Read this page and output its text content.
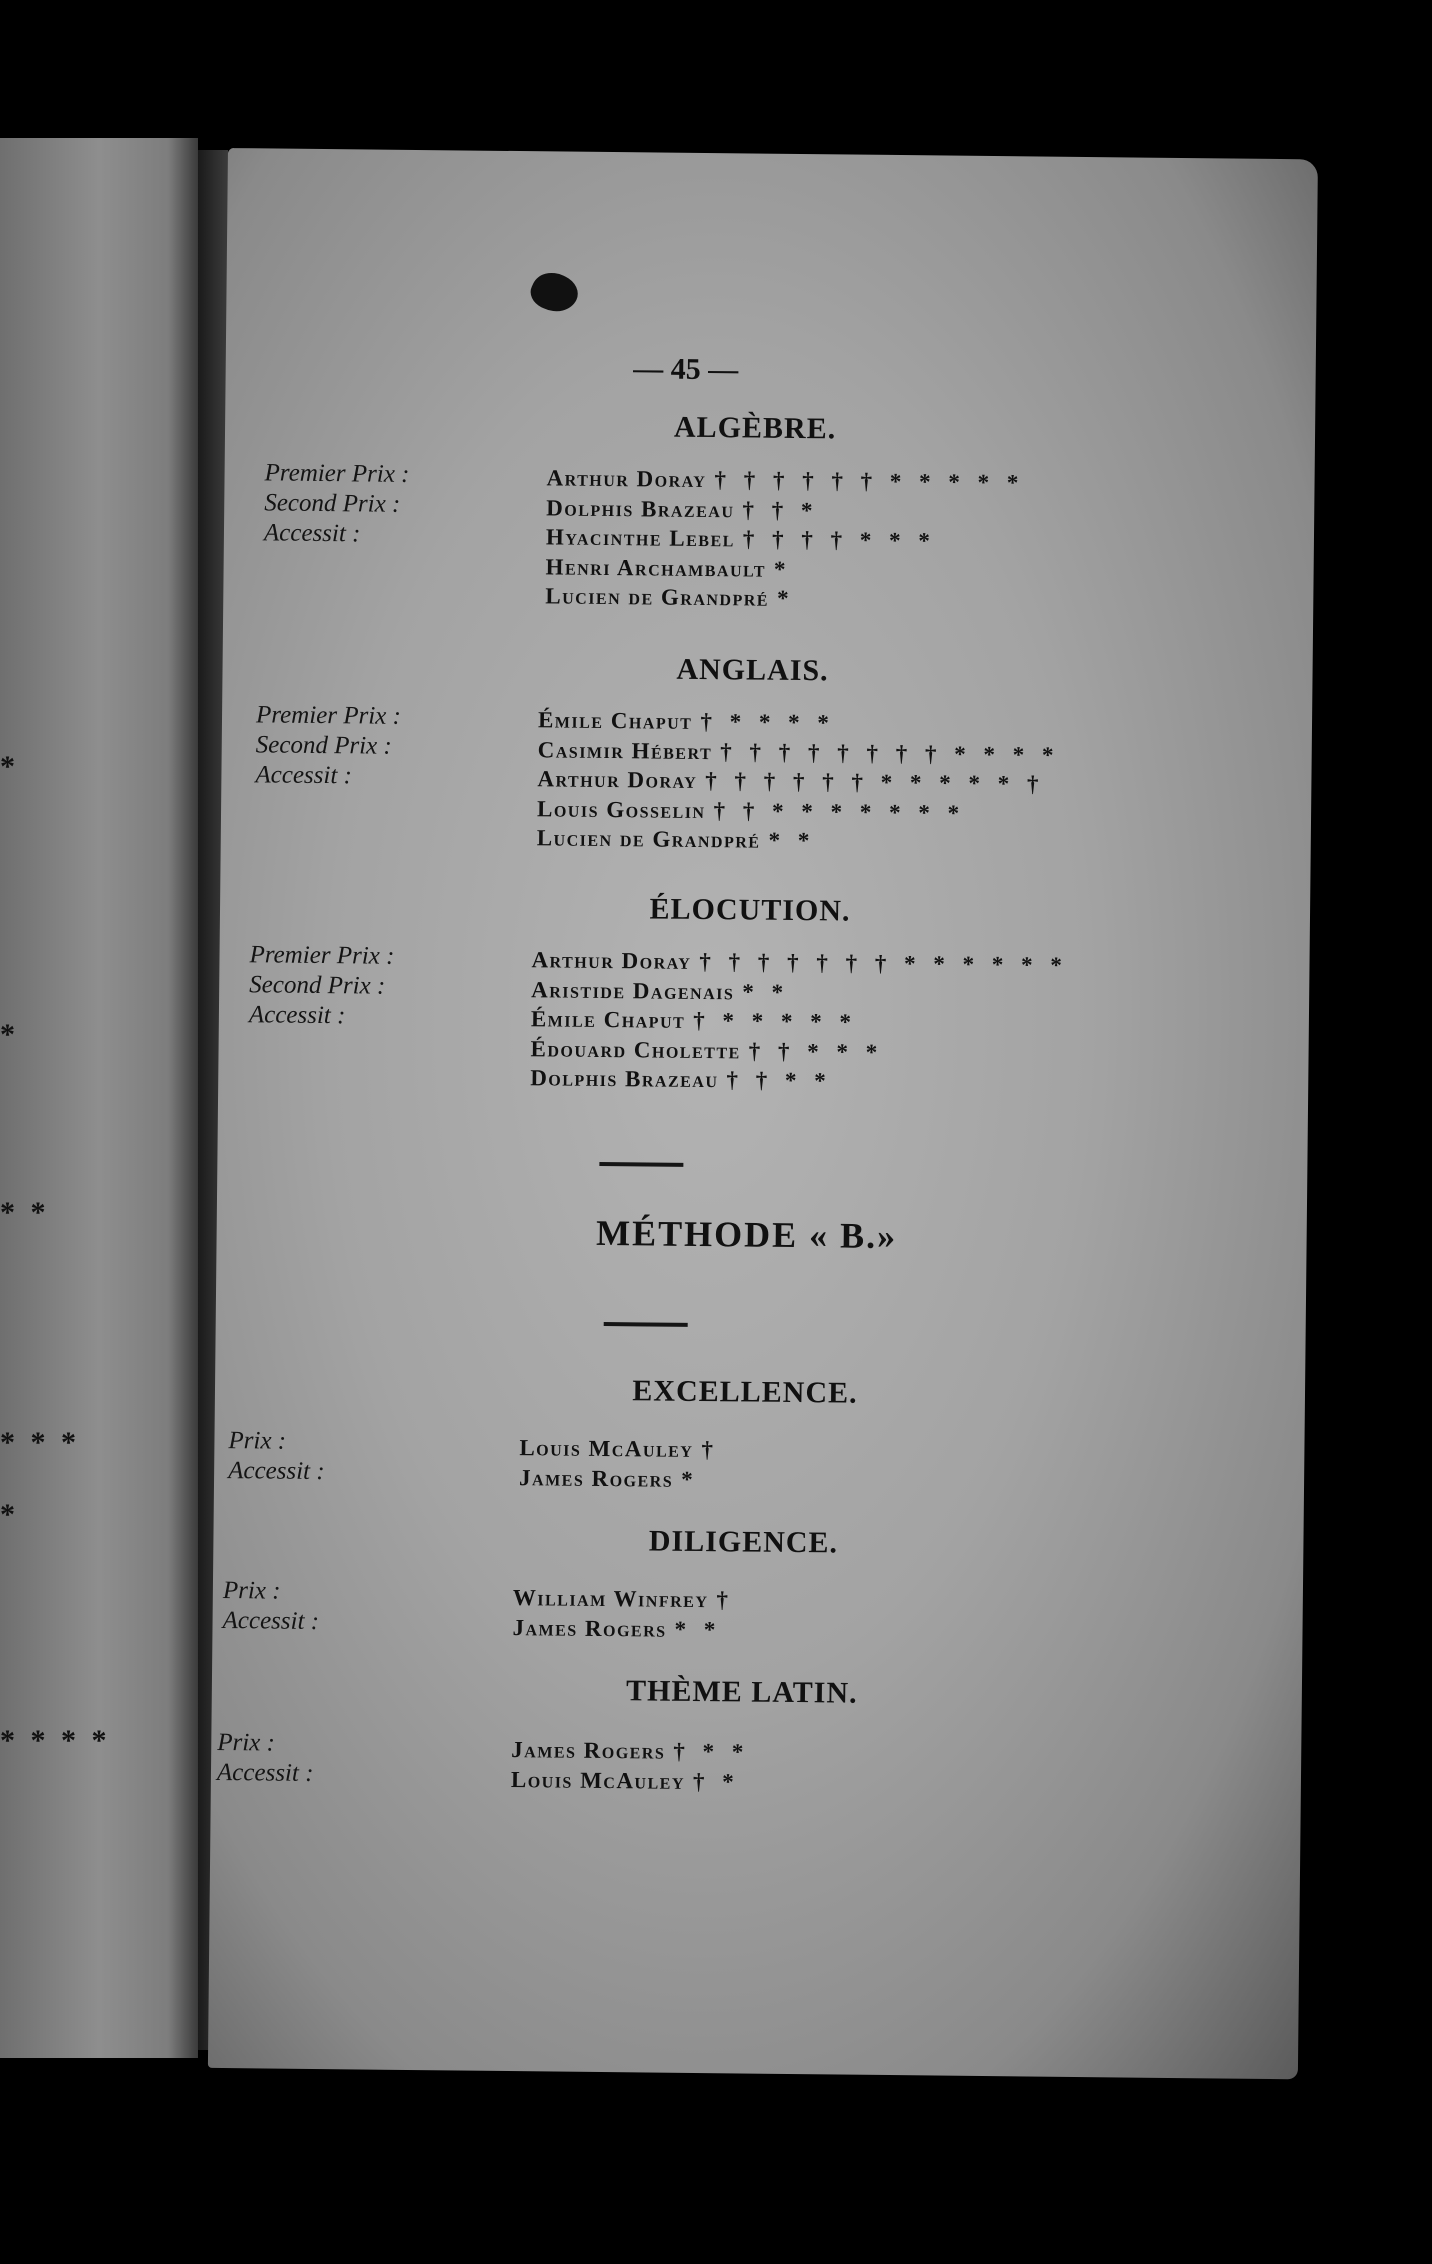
*
*
* *
* * *
*
* * * *
— 45 —
ALGÈBRE.
Premier Prix :
Second Prix :
Accessit :
Arthur Doray † † † † † † * * * * *
Dolphis Brazeau † † *
Hyacinthe Lebel † † † † * * *
Henri Archambault *
Lucien de Grandpré *
ANGLAIS.
Premier Prix :
Second Prix :
Accessit :
Émile Chaput † * * * *
Casimir Hébert † † † † † † † † * * * *
Arthur Doray † † † † † † * * * * * †
Louis Gosselin † † * * * * * * *
Lucien de Grandpré * *
ÉLOCUTION.
Premier Prix :
Second Prix :
Accessit :
Arthur Doray † † † † † † † * * * * * *
Aristide Dagenais * *
Émile Chaput † * * * * *
Édouard Cholette † † * * *
Dolphis Brazeau † † * *
MÉTHODE « B.»
EXCELLENCE.
Prix :
Accessit :
Louis McAuley †
James Rogers *
DILIGENCE.
Prix :
Accessit :
William Winfrey †
James Rogers * *
THÈME LATIN.
Prix :
Accessit :
James Rogers † * *
Louis McAuley † *
